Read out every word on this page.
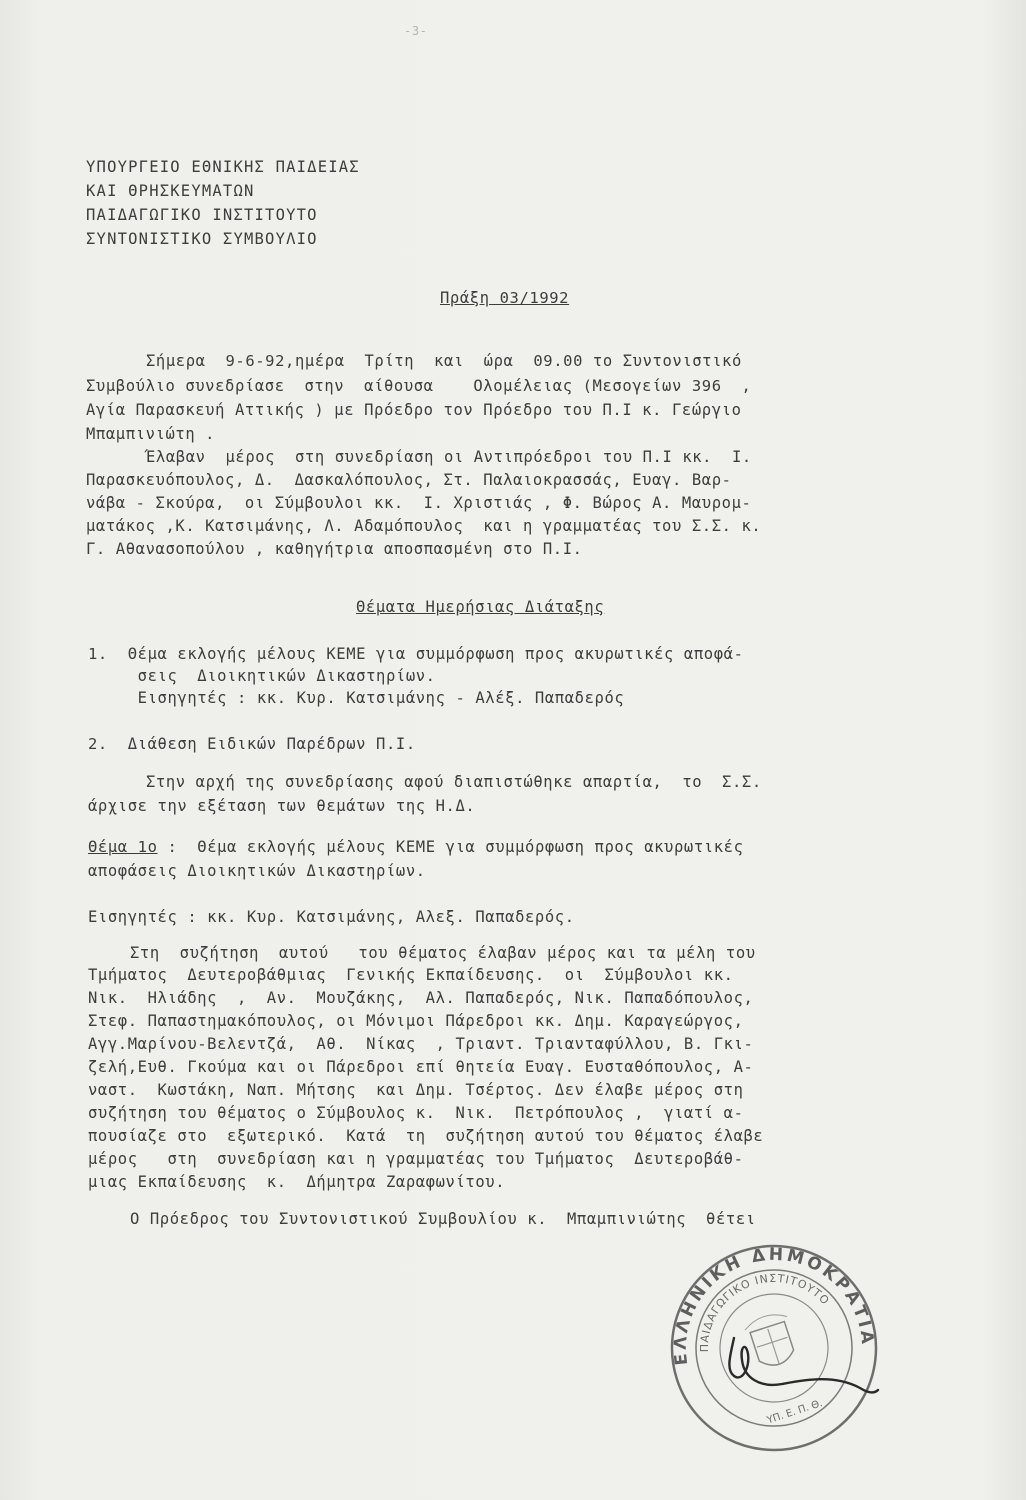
-3-
ΥΠΟΥΡΓΕΙΟ ΕΘΝΙΚΗΣ ΠΑΙΔΕΙΑΣ
ΚΑΙ ΘΡΗΣΚΕΥΜΑΤΩΝ
ΠΑΙΔΑΓΩΓΙΚΟ ΙΝΣΤΙΤΟΥΤΟ
ΣΥΝΤΟΝΙΣΤΙΚΟ ΣΥΜΒΟΥΛΙΟ
Πράξη 03/1992
Σήμερα  9-6-92,ημέρα  Τρίτη  και  ώρα  09.00 το Συντονιστικό
Συμβούλιο συνεδρίασε  στην  αίθουσα    Ολομέλειας (Μεσογείων 396  ,
Αγία Παρασκευή Αττικής ) με Πρόεδρο τον Πρόεδρο του Π.Ι κ. Γεώργιο
Μπαμπινιώτη .
Έλαβαν  μέρος  στη συνεδρίαση οι Αντιπρόεδροι του Π.Ι κκ.  Ι.
Παρασκευόπουλος, Δ.  Δασκαλόπουλος, Στ. Παλαιοκρασσάς, Ευαγ. Βαρ-
νάβα - Σκούρα,  οι Σύμβουλοι κκ.  Ι. Χριστιάς , Φ. Βώρος Α. Μαυρομ-
ματάκος ,Κ. Κατσιμάνης, Λ. Αδαμόπουλος  και η γραμματέας του Σ.Σ. κ.
Γ. Αθανασοπούλου , καθηγήτρια αποσπασμένη στο Π.Ι.
Θέματα Ημερήσιας Διάταξης
1.  Θέμα εκλογής μέλους ΚΕΜΕ για συμμόρφωση προς ακυρωτικές αποφά-
σεις  Διοικητικών Δικαστηρίων.
Εισηγητές : κκ. Κυρ. Κατσιμάνης - Αλέξ. Παπαδερός
2.  Διάθεση Ειδικών Παρέδρων Π.Ι.
Στην αρχή της συνεδρίασης αφού διαπιστώθηκε απαρτία,  το  Σ.Σ.
άρχισε την εξέταση των θεμάτων της Η.Δ.
Θέμα 1ο :  Θέμα εκλογής μέλους ΚΕΜΕ για συμμόρφωση προς ακυρωτικές
αποφάσεις Διοικητικών Δικαστηρίων.
Εισηγητές : κκ. Κυρ. Κατσιμάνης, Αλεξ. Παπαδερός.
Στη  συζήτηση  αυτού   του θέματος έλαβαν μέρος και τα μέλη του
Τμήματος  Δευτεροβάθμιας  Γενικής Εκπαίδευσης.  οι  Σύμβουλοι κκ.
Νικ.  Ηλιάδης  ,  Αν.  Μουζάκης,  Αλ. Παπαδερός, Νικ. Παπαδόπουλος,
Στεφ. Παπαστημακόπουλος, οι Μόνιμοι Πάρεδροι κκ. Δημ. Καραγεώργος,
Αγγ.Μαρίνου-Βελεντζά,  Αθ.  Νίκας  , Τριαντ. Τριανταφύλλου, Β. Γκι-
ζελή,Ευθ. Γκούμα και οι Πάρεδροι επί θητεία Ευαγ. Ευσταθόπουλος, Α-
ναστ.  Κωστάκη, Ναπ. Μήτσης  και Δημ. Τσέρτος. Δεν έλαβε μέρος στη
συζήτηση του θέματος ο Σύμβουλος κ.  Νικ.  Πετρόπουλος ,  γιατί α-
πουσίαζε στο  εξωτερικό.  Κατά  τη  συζήτηση αυτού του θέματος έλαβε
μέρος   στη  συνεδρίαση και η γραμματέας του Τμήματος  Δευτεροβάθ-
μιας Εκπαίδευσης  κ.  Δήμητρα Ζαραφωνίτου.
Ο Πρόεδρος του Συντονιστικού Συμβουλίου κ.  Μπαμπινιώτης  θέτει
ΕΛΛΗΝΙΚΗ ΔΗΜΟΚΡΑΤΙΑ
ΠΑΙΔΑΓΩΓΙΚΟ ΙΝΣΤΙΤΟΥΤΟ
ΥΠ. Ε. Π. Θ.
